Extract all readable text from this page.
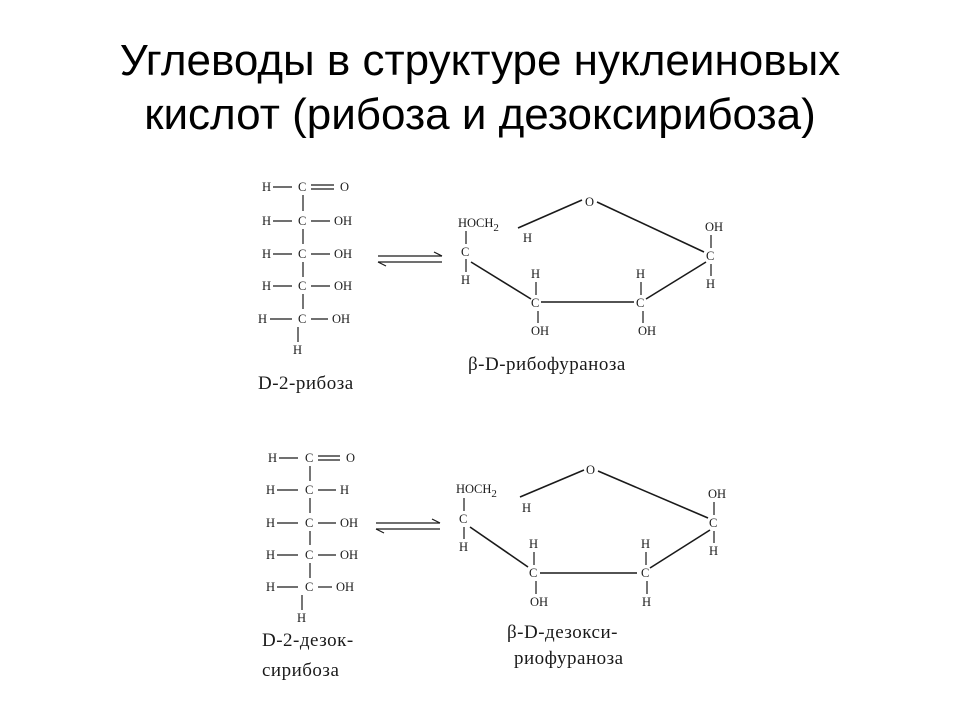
Углеводы в структуре нуклеиновых
кислот (рибоза и дезоксирибоза)
H C	O
H C OH
H C OH
H C OH
H C OH
H
D-2-рибоза
O
HOCH2
H
C
H
OH
C
H
H
C
OH
H
C
OH
β-D-рибофураноза
H C	O
H C H
H C OH
H C OH
H C OH
H
D-2-дезок-
сирибоза
O
HOCH2
H
C
H
OH
C
H
H
C
OH
H
C
H
β-D-дезокси-
риофураноза
